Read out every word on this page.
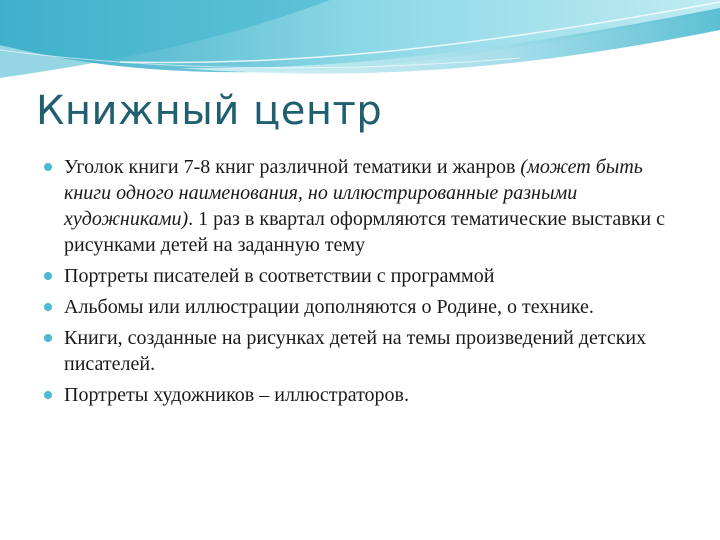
Книжный центр
Уголок книги 7-8 книг различной тематики и жанров (может быть книги одного наименования, но иллюстрированные разными художниками). 1 раз в квартал оформляются тематические выставки с рисунками детей на заданную тему
Портреты писателей в соответствии с программой
Альбомы или иллюстрации дополняются о Родине, о технике.
Книги, созданные на рисунках детей на темы произведений детских писателей.
Портреты художников – иллюстраторов.
